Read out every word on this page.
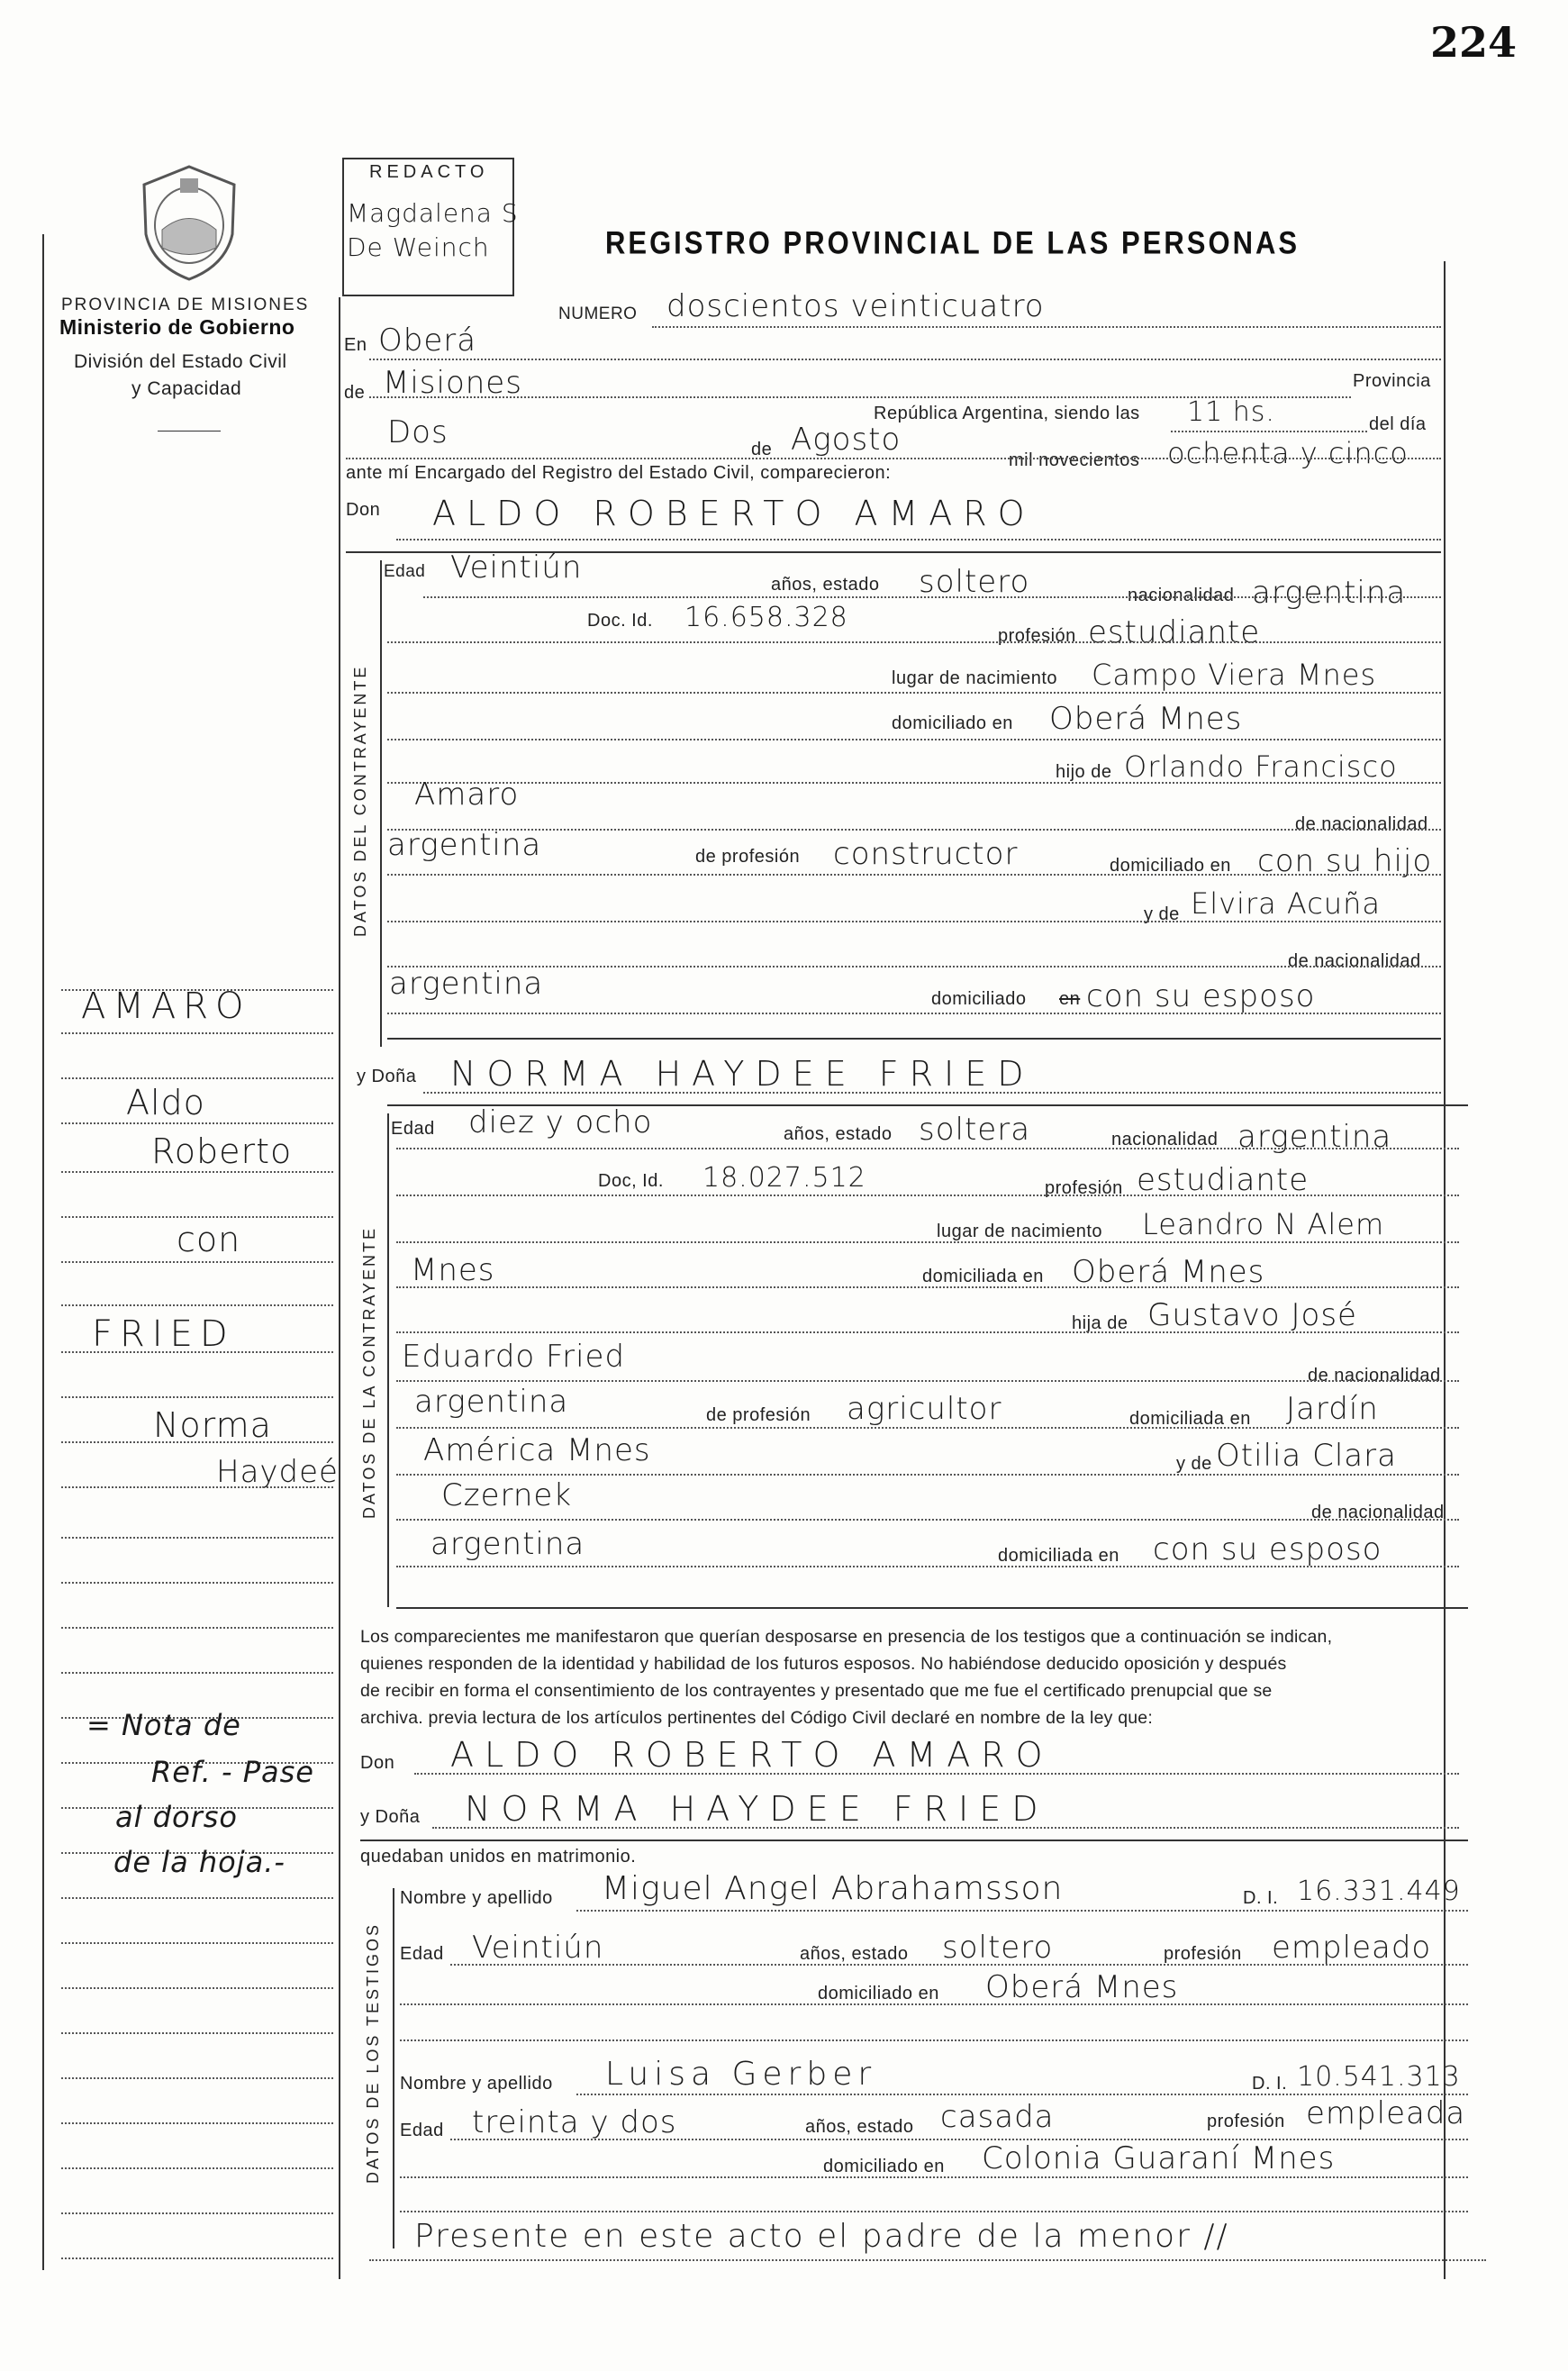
224
PROVINCIA DE MISIONES
Ministerio de Gobierno
División del Estado Civil
y Capacidad
REDACTO
Magdalena S
De Weinch	REGISTRO PROVINCIAL DE LAS PERSONAS
NUMERO doscientos veinticuatro
En Oberá
de Misiones	Provincia
República Argentina, siendo las 11 hs.	del día
Dos	de Agosto
mil novecientos ochenta y cinco
ante mí Encargado del Registro del Estado Civil, comparecieron:
Don ALDO ROBERTO AMARO
DATOS DEL CONTRAYENTE
Edad Veintiún	años, estado soltero	nacionalidad argentina
Doc. Id. 16.658.328
profesión estudiante
lugar de nacimiento Campo Viera Mnes
domiciliado en Oberá Mnes
hijo de Orlando Francisco
Amaro
de nacionalidad
argentina	de profesión constructor	domiciliado en con su hijo
y de Elvira Acuña
de nacionalidad
argentina	domiciliado en con su esposo
y Doña NORMA HAYDEE FRIED
DATOS DE LA CONTRAYENTE
Edad diez y ocho	años, estado soltera	nacionalidad argentina
Doc, Id. 18.027.512	profesión estudiante
lugar de nacimiento Leandro N Alem
Mnes	domiciliada en Oberá Mnes
hija de Gustavo José
Eduardo Fried
de nacionalidad
argentina	de profesión agricultor	domiciliada en Jardín
América Mnes	y de Otilia Clara
Czernek	de nacionalidad
argentina	domiciliada en con su esposo
Los comparecientes me manifestaron que querían desposarse en presencia de los testigos que a continuación se indican,
quienes responden de la identidad y habilidad de los futuros esposos. No habiéndose deducido oposición y después
de recibir en forma el consentimiento de los contrayentes y presentado que me fue el certificado prenupcial que se
archiva. previa lectura de los artículos pertinentes del Código Civil declaré en nombre de la ley que:
Don ALDO ROBERTO AMARO
y Doña NORMA HAYDEE FRIED
quedaban unidos en matrimonio.
DATOS DE LOS TESTIGOS
Nombre y apellido Miguel Angel Abrahamsson	D. I. 16.331.449
Edad Veintiún	años, estado soltero	profesión empleado
domiciliado en Oberá Mnes
Nombre y apellido Luisa Gerber	D. I. 10.541.313
Edad treinta y dos	años, estado casada	profesión empleada
domiciliado en Colonia Guaraní Mnes
Presente en este acto el padre de la menor //
AMARO
Aldo
Roberto
con
FRIED
Norma
Haydeé
= Nota de
Ref. - Pase
al dorso
de la hoja.-
